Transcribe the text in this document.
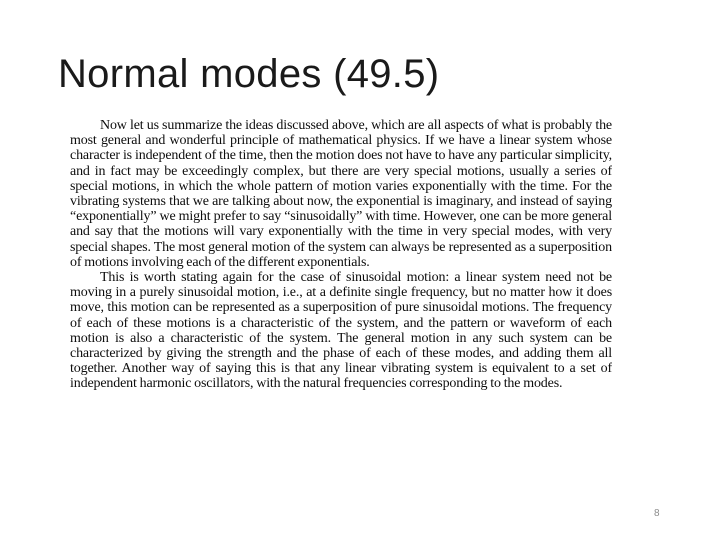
Normal modes (49.5)

Now let us summarize the ideas discussed above, which are all aspects of what is probably the most general and wonderful principle of mathematical physics. If we have a linear system whose character is independent of the time, then the motion does not have to have any particular simplicity, and in fact may be exceedingly complex, but there are very special motions, usually a series of special motions, in which the whole pattern of motion varies exponentially with the time. For the vibrating systems that we are talking about now, the exponential is imaginary, and instead of saying “exponentially” we might prefer to say “sinusoidally” with time. However, one can be more general and say that the motions will vary exponentially with the time in very special modes, with very special shapes. The most general motion of the system can always be represented as a superposition of motions involving each of the different exponentials.

This is worth stating again for the case of sinusoidal motion: a linear system need not be moving in a purely sinusoidal motion, i.e., at a definite single frequency, but no matter how it does move, this motion can be represented as a superposition of pure sinusoidal motions. The frequency of each of these motions is a characteristic of the system, and the pattern or waveform of each motion is also a characteristic of the system. The general motion in any such system can be characterized by giving the strength and the phase of each of these modes, and adding them all together. Another way of saying this is that any linear vibrating system is equivalent to a set of independent harmonic oscillators, with the natural frequencies corresponding to the modes.

8
